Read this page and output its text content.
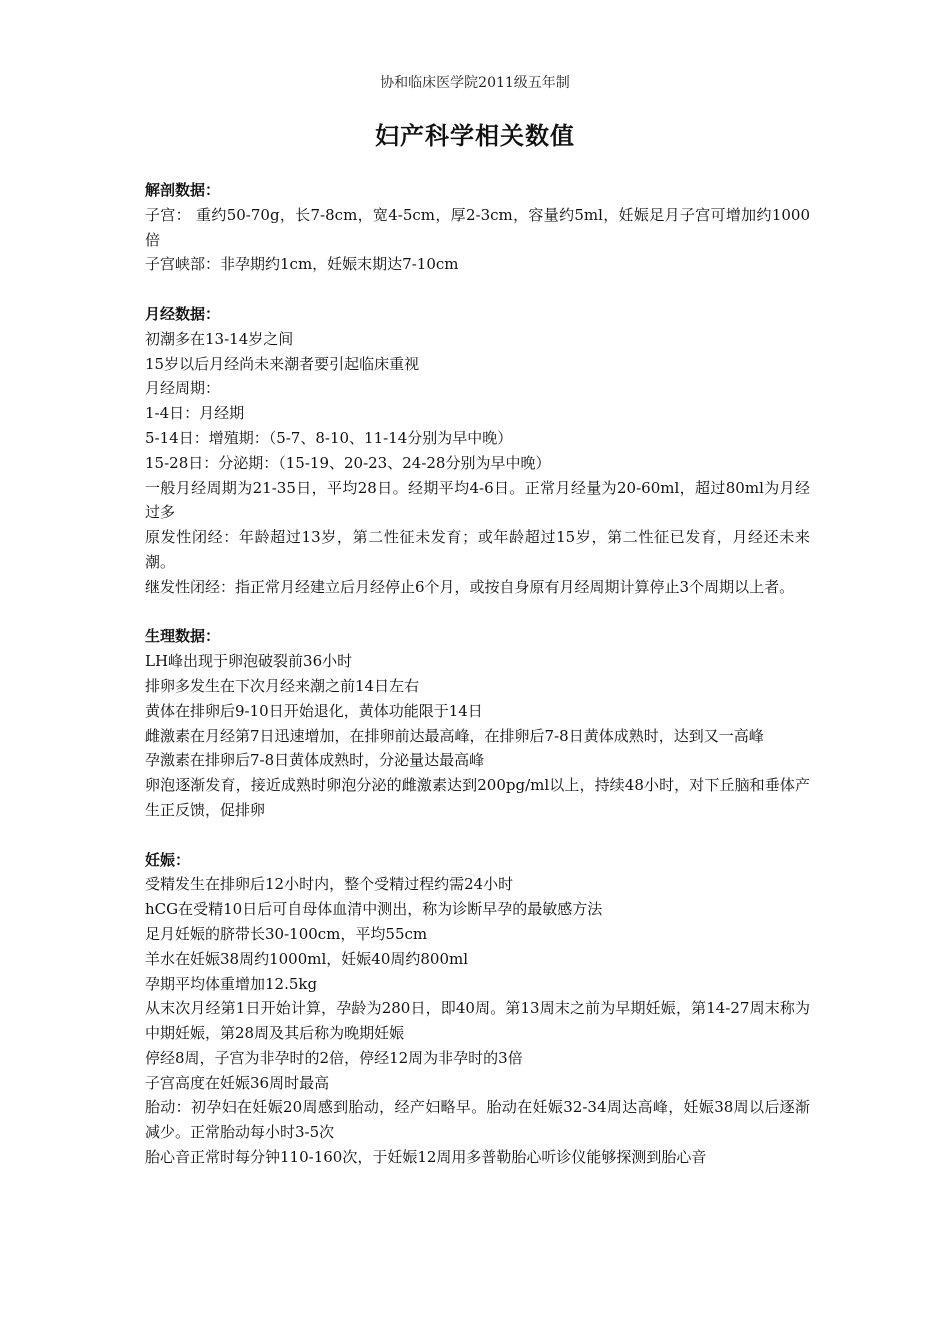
协和临床医学院2011级五年制
妇产科学相关数值

解剖数据：

子宫： 重约50-70g，长7-8cm，宽4-5cm，厚2-3cm，容量约5ml，妊娠足月子宫可增加约1000倍

子宫峡部：非孕期约1cm，妊娠末期达7-10cm

月经数据：

初潮多在13-14岁之间

15岁以后月经尚未来潮者要引起临床重视

月经周期：

1-4日：月经期

5-14日：增殖期：（5-7、8-10、11-14分别为早中晚）

15-28日：分泌期：（15-19、20-23、24-28分别为早中晚）

一般月经周期为21-35日，平均28日。经期平均4-6日。正常月经量为20-60ml，超过80ml为月经过多

原发性闭经：年龄超过13岁，第二性征未发育；或年龄超过15岁，第二性征已发育，月经还未来潮。

继发性闭经：指正常月经建立后月经停止6个月，或按自身原有月经周期计算停止3个周期以上者。

生理数据：

LH峰出现于卵泡破裂前36小时

排卵多发生在下次月经来潮之前14日左右

黄体在排卵后9-10日开始退化，黄体功能限于14日

雌激素在月经第7日迅速增加，在排卵前达最高峰，在排卵后7-8日黄体成熟时，达到又一高峰

孕激素在排卵后7-8日黄体成熟时，分泌量达最高峰

卵泡逐渐发育，接近成熟时卵泡分泌的雌激素达到200pg/ml以上，持续48小时，对下丘脑和垂体产生正反馈，促排卵

妊娠：

受精发生在排卵后12小时内，整个受精过程约需24小时

hCG在受精10日后可自母体血清中测出，称为诊断早孕的最敏感方法

足月妊娠的脐带长30-100cm，平均55cm

羊水在妊娠38周约1000ml，妊娠40周约800ml

孕期平均体重增加12.5kg

从末次月经第1日开始计算，孕龄为280日，即40周。第13周末之前为早期妊娠，第14-27周末称为中期妊娠，第28周及其后称为晚期妊娠

停经8周，子宫为非孕时的2倍，停经12周为非孕时的3倍

子宫高度在妊娠36周时最高

胎动：初孕妇在妊娠20周感到胎动，经产妇略早。胎动在妊娠32-34周达高峰，妊娠38周以后逐渐减少。正常胎动每小时3-5次

胎心音正常时每分钟110-160次，于妊娠12周用多普勒胎心听诊仪能够探测到胎心音
